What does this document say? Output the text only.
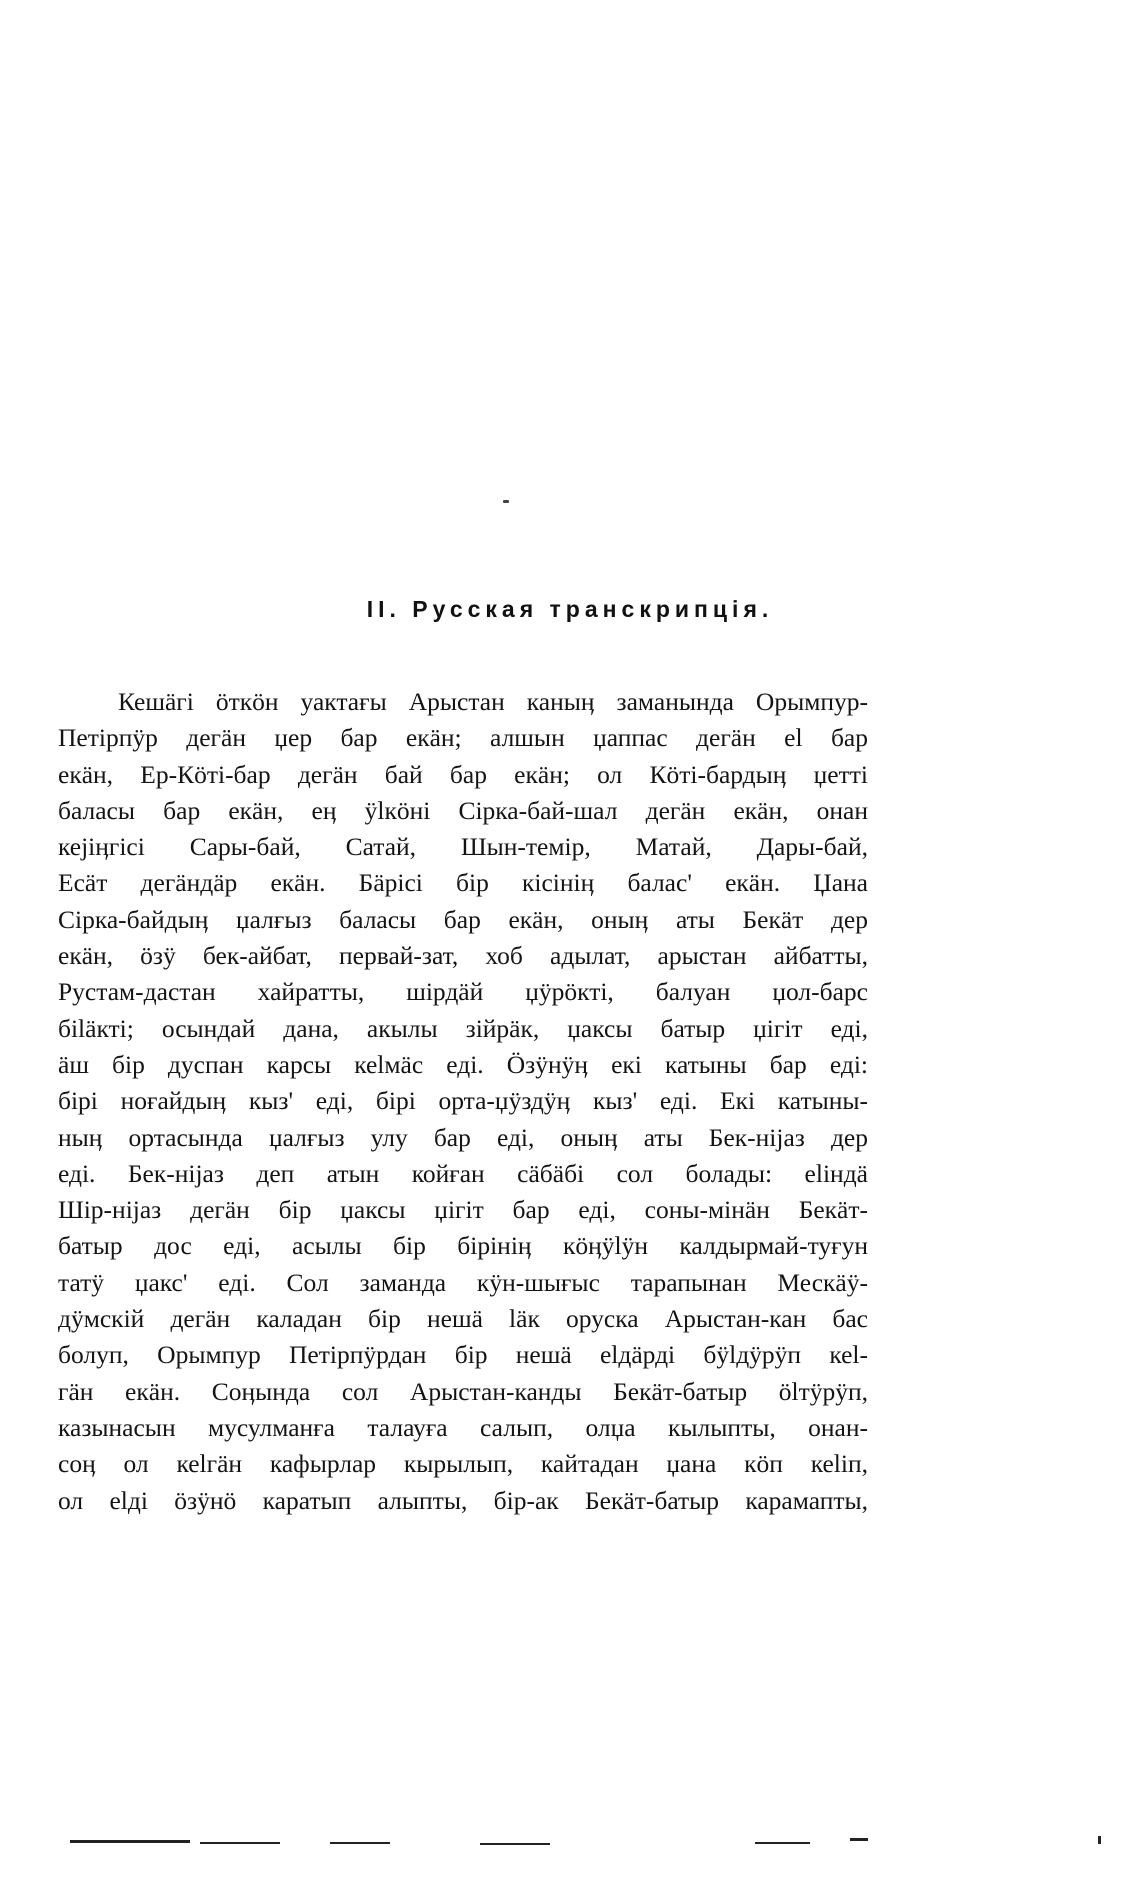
II. Русская транскрипція.
Кешӓгі ӧткӧн уактағы Арыстан каныӊ заманында Орымпур-
Петірпӱр дегӓн џер бар екӓн; алшын џаппас дегӓн еl бар
екӓн, Ер-Кӧті-бар дегӓн бай бар екӓн; ол Кӧті-бардыӊ џетті
баласы бар екӓн, еӊ ӱlкӧні Сірка-бай-шал дегӓн екӓн, онан
кеjіӊгісі Сары-бай, Сатай, Шын-темір, Матай, Дары-бай,
Есӓт дегӓндӓр екӓн. Бӓрісі бір кісініӊ балас' екӓн. Џана
Сірка-байдыӊ џалғыз баласы бар екӓн, оныӊ аты Бекӓт дер
екӓн, ӧзӱ бек-айбат, первай-зат, хоб адылат, арыстан айбатты,
Рустам-дастан хайратты, шірдӓй џӱрӧкті, балуан џол-барс
біlӓкті; осындай дана, акылы зійрӓк, џаксы батыр џігіт еді,
ӓш бір дуспан карсы кеlмӓс еді. Ӧзӱнӱӊ екі катыны бар еді:
бірі ноғайдыӊ кыз' еді, бірі орта-џӱздӱӊ кыз' еді. Екі катыны-
ныӊ ортасында џалғыз улу бар еді, оныӊ аты Бек-ніјаз дер
еді. Бек-ніјаз деп атын койған сӓбӓбі сол болады: еlіндӓ
Шір-ніјаз дегӓн бір џаксы џігіт бар еді, соны-мінӓн Бекӓт-
батыр дос еді, асылы бір бірініӊ кӧӊӱlӱн калдырмай-туғун
татӱ џакс' еді. Сол заманда кӱн-шығыс тарапынан Мескӓӱ-
дӱмскій дегӓн каладан бір нешӓ lӓк оруска Арыстан-кан бас
болуп, Орымпур Петірпӱрдан бір нешӓ еlдӓрді бӱlдӱрӱп кеl-
гӓн екӓн. Соӊында сол Арыстан-канды Бекӓт-батыр ӧlтӱрӱп,
казынасын мусулманға талауға салып, олџа кылыпты, онан-
соӊ ол кеlгӓн кафырлар кырылып, кайтадан џана кӧп кеlіп,
ол еlді ӧзӱнӧ каратып алыпты, бір-ак Бекӓт-батыр карамапты,
